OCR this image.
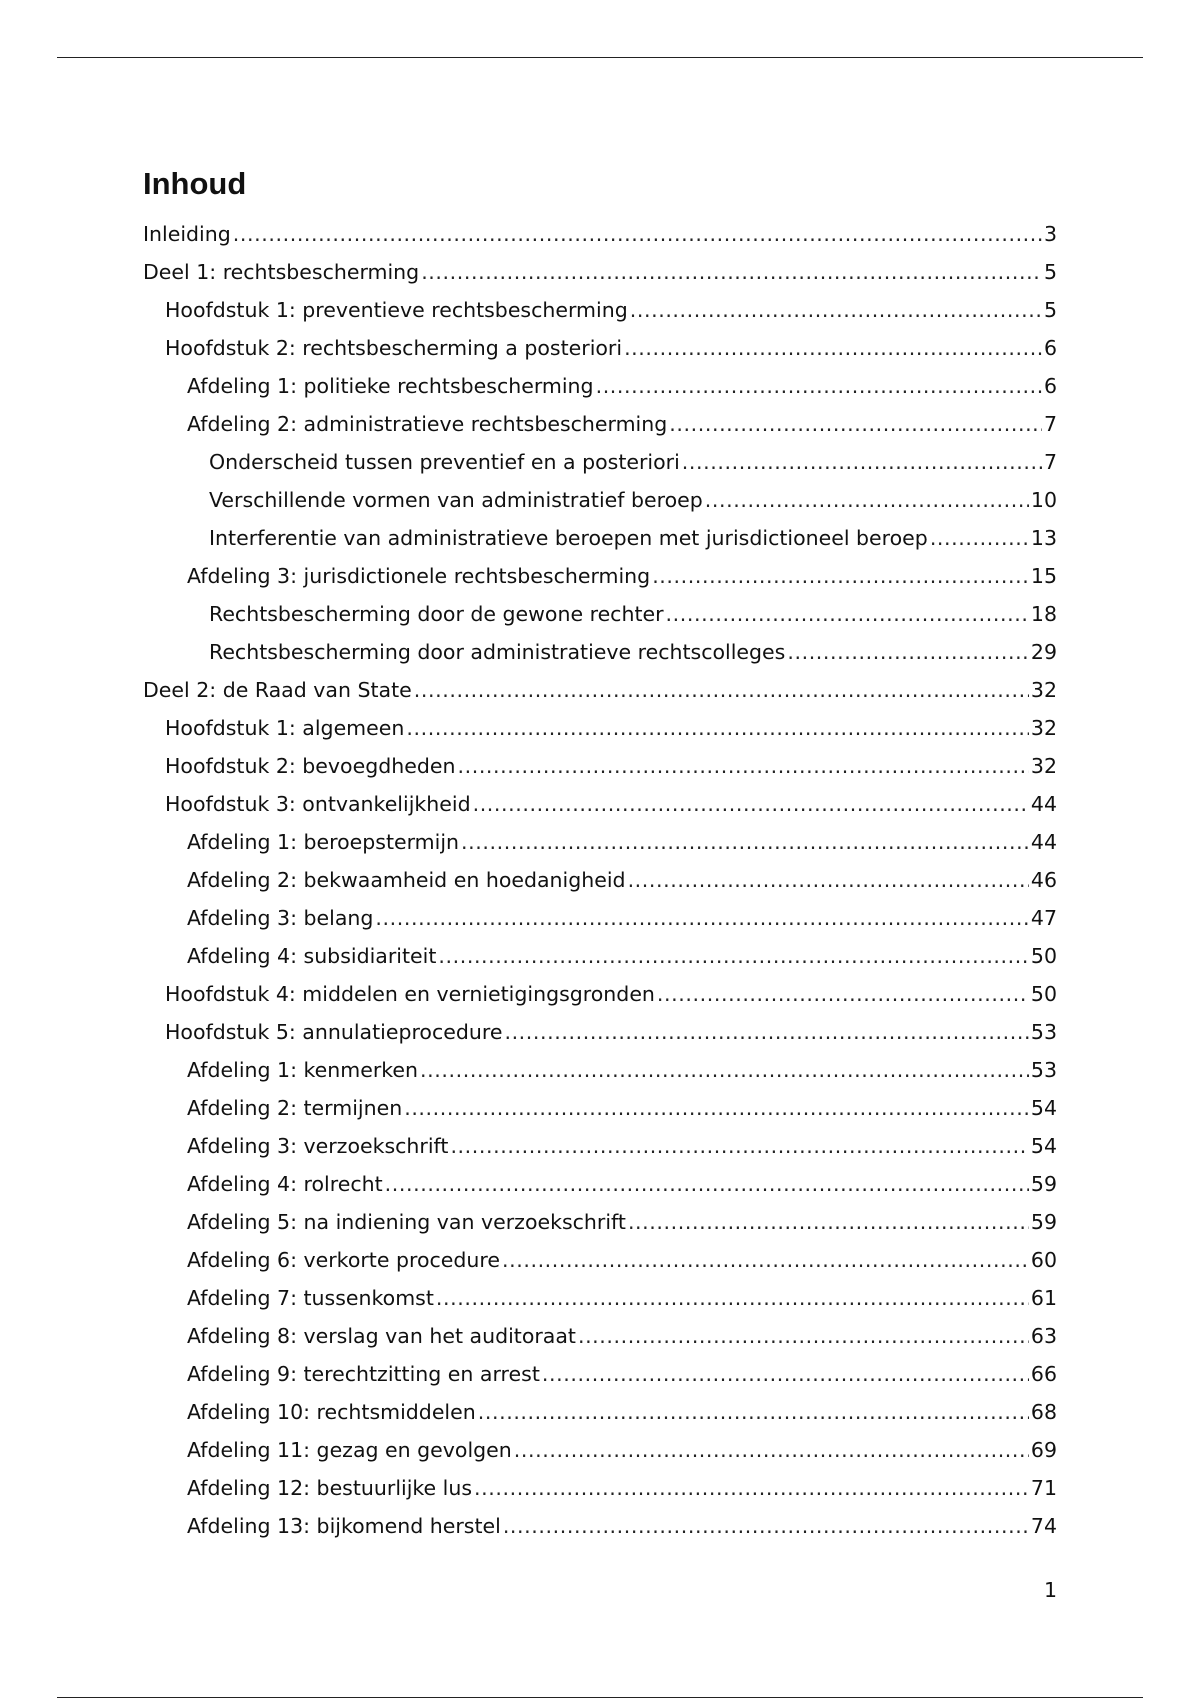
Inhoud
Inleiding .....	3
Deel 1: rechtsbescherming .....	5
Hoofdstuk 1: preventieve rechtsbescherming .....	5
Hoofdstuk 2: rechtsbescherming a posteriori .....	6
Afdeling 1: politieke rechtsbescherming .....	6
Afdeling 2: administratieve rechtsbescherming .....	7
Onderscheid tussen preventief en a posteriori .....	7
Verschillende vormen van administratief beroep .....	10
Interferentie van administratieve beroepen met jurisdictioneel beroep .....	13
Afdeling 3: jurisdictionele rechtsbescherming .....	15
Rechtsbescherming door de gewone rechter .....	18
Rechtsbescherming door administratieve rechtscolleges .....	29
Deel 2: de Raad van State .....	32
Hoofdstuk 1: algemeen .....	32
Hoofdstuk 2: bevoegdheden .....	32
Hoofdstuk 3: ontvankelijkheid .....	44
Afdeling 1: beroepstermijn .....	44
Afdeling 2: bekwaamheid en hoedanigheid .....	46
Afdeling 3: belang .....	47
Afdeling 4: subsidiariteit .....	50
Hoofdstuk 4: middelen en vernietigingsgronden .....	50
Hoofdstuk 5: annulatieprocedure .....	53
Afdeling 1: kenmerken .....	53
Afdeling 2: termijnen .....	54
Afdeling 3: verzoekschrift .....	54
Afdeling 4: rolrecht .....	59
Afdeling 5: na indiening van verzoekschrift .....	59
Afdeling 6: verkorte procedure .....	60
Afdeling 7: tussenkomst .....	61
Afdeling 8: verslag van het auditoraat .....	63
Afdeling 9: terechtzitting en arrest .....	66
Afdeling 10: rechtsmiddelen .....	68
Afdeling 11: gezag en gevolgen .....	69
Afdeling 12: bestuurlijke lus .....	71
Afdeling 13: bijkomend herstel .....	74
1
